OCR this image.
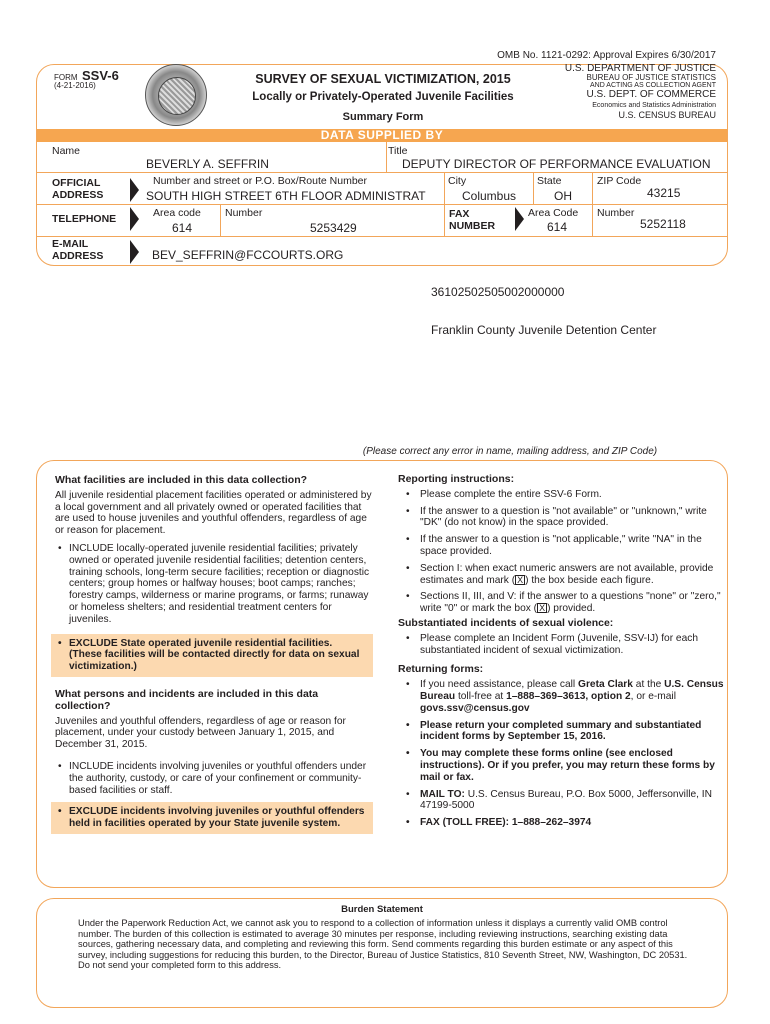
OMB No. 1121-0292: Approval Expires 6/30/2017
FORM SSV-6
(4-21-2016)	SURVEY OF SEXUAL VICTIMIZATION, 2015
Locally or Privately-Operated Juvenile Facilities
Summary Form
U.S. DEPARTMENT OF JUSTICE
BUREAU OF JUSTICE STATISTICS
AND ACTING AS COLLECTION AGENT
U.S. DEPT. OF COMMERCE
Economics and Statistics Administration
U.S. CENSUS BUREAU
DATA SUPPLIED BY
Name	Title
BEVERLY A. SEFFRIN	DEPUTY DIRECTOR OF PERFORMANCE EVALUATION
OFFICIAL
ADDRESS
Number and street or P.O. Box/Route Number	City	State	ZIP Code
SOUTH HIGH STREET 6TH FLOOR ADMINISTRAT	Columbus	OH	43215
TELEPHONE	Area code Number
614	5253429
FAX
NUMBER
Area Code Number
614	5252118
E-MAIL
ADDRESS	BEV_SEFFRIN@FCCOURTS.ORG
36102502505002000000
Franklin County Juvenile Detention Center
(Please correct any error in name, mailing address, and ZIP Code)
What facilities are included in this data collection?

All juvenile residential placement facilities operated or administered by a local government and all privately owned or operated facilities that are used to house juveniles and youthful offenders, regardless of age or reason for placement.

• INCLUDE locally-operated juvenile residential facilities; privately owned or operated juvenile residential facilities; detention centers, training schools, long-term secure facilities; reception or diagnostic centers; group homes or halfway houses; boot camps; ranches; forestry camps, wilderness or marine programs, or farms; runaway or homeless shelters; and residential treatment centers for juveniles.
• EXCLUDE State operated juvenile residential facilities. (These facilities will be contacted directly for data on sexual victimization.)
What persons and incidents are included in this data collection?

Juveniles and youthful offenders, regardless of age or reason for placement, under your custody between January 1, 2015, and December 31, 2015.

• INCLUDE incidents involving juveniles or youthful offenders under the authority, custody, or care of your confinement or community-based facilities or staff.
• EXCLUDE incidents involving juveniles or youthful offenders held in facilities operated by your State juvenile system.
Reporting instructions:
• Please complete the entire SSV-6 Form.
• If the answer to a question is "not available" or "unknown," write "DK" (do not know) in the space provided.
• If the answer to a question is "not applicable," write "NA" in the space provided.
• Section I: when exact numeric answers are not available, provide estimates and mark ( X ) the box beside each figure.
• Sections II, III, and V: if the answer to a questions "none" or "zero," write "0" or mark the box ( X ) provided.
Substantiated incidents of sexual violence:
• Please complete an Incident Form (Juvenile, SSV-IJ) for each substantiated incident of sexual victimization.
Returning forms:
• If you need assistance, please call Greta Clark at the U.S. Census Bureau toll-free at 1–888–369–3613, option 2, or e-mail govs.ssv@census.gov
• Please return your completed summary and substantiated incident forms by September 15, 2016.
• You may complete these forms online (see enclosed instructions). Or if you prefer, you may return these forms by mail or fax.
• MAIL TO: U.S. Census Bureau, P.O. Box 5000, Jeffersonville, IN 47199-5000
• FAX (TOLL FREE): 1–888–262–3974
Burden Statement
Under the Paperwork Reduction Act, we cannot ask you to respond to a collection of information unless it displays a currently valid OMB control number. The burden of this collection is estimated to average 30 minutes per response, including reviewing instructions, searching existing data sources, gathering necessary data, and completing and reviewing this form. Send comments regarding this burden estimate or any aspect of this survey, including suggestions for reducing this burden, to the Director, Bureau of Justice Statistics, 810 Seventh Street, NW, Washington, DC 20531. Do not send your completed form to this address.
